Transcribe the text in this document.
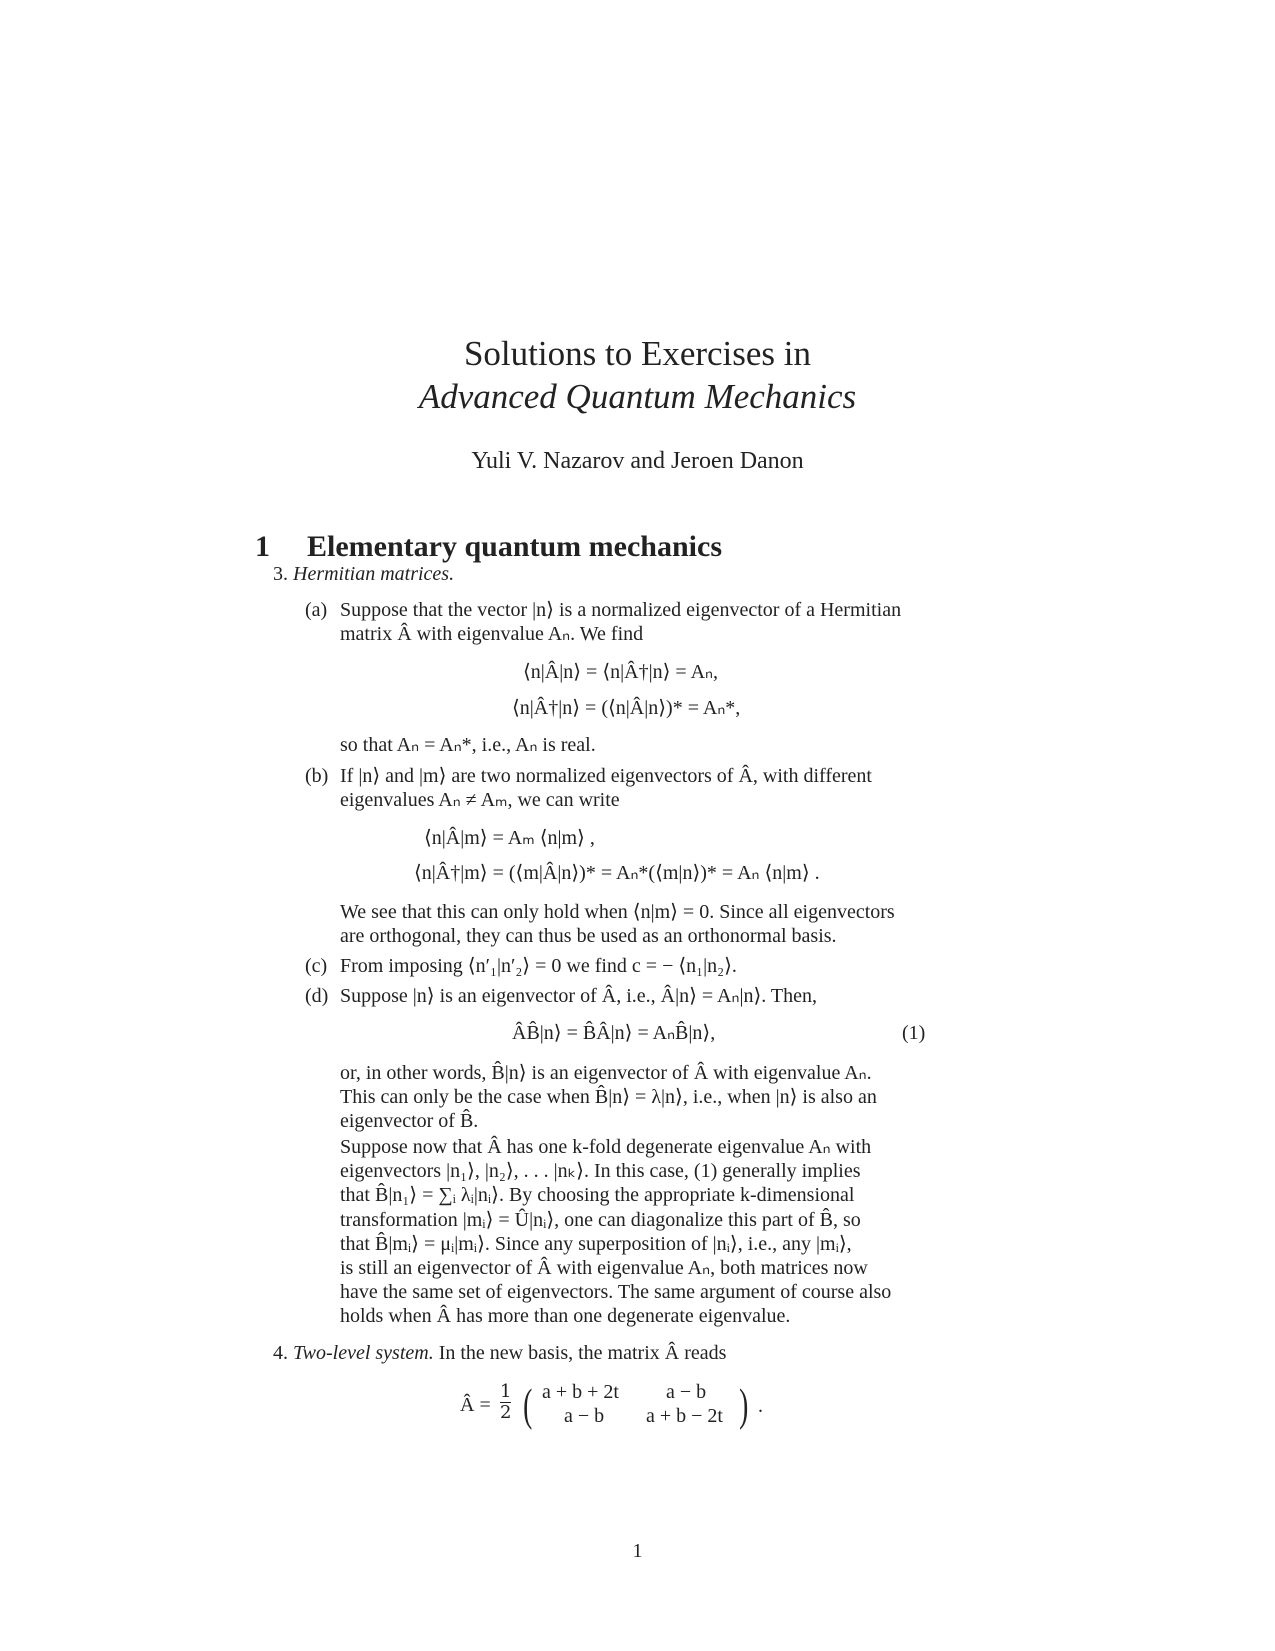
Solutions to Exercises in
Advanced Quantum Mechanics
Yuli V. Nazarov and Jeroen Danon
1 Elementary quantum mechanics
3. Hermitian matrices.
(a) Suppose that the vector |n⟩ is a normalized eigenvector of a Hermitian
matrix Â with eigenvalue Aₙ. We find
⟨n|Â|n⟩ = ⟨n|Â†|n⟩ = Aₙ,
⟨n|Â†|n⟩ = (⟨n|Â|n⟩)* = Aₙ*,
so that Aₙ = Aₙ*, i.e., Aₙ is real.
(b) If |n⟩ and |m⟩ are two normalized eigenvectors of Â, with different
eigenvalues Aₙ ≠ Aₘ, we can write
⟨n|Â|m⟩ = Aₘ ⟨n|m⟩ ,
⟨n|Â†|m⟩ = (⟨m|Â|n⟩)* = Aₙ*(⟨m|n⟩)* = Aₙ ⟨n|m⟩ .
We see that this can only hold when ⟨n|m⟩ = 0. Since all eigenvectors
are orthogonal, they can thus be used as an orthonormal basis.
(c) From imposing ⟨n′₁|n′₂⟩ = 0 we find c = − ⟨n₁|n₂⟩.
(d) Suppose |n⟩ is an eigenvector of Â, i.e., Â|n⟩ = Aₙ|n⟩. Then,
ÂB̂|n⟩ = B̂Â|n⟩ = AₙB̂|n⟩,	(1)
or, in other words, B̂|n⟩ is an eigenvector of Â with eigenvalue Aₙ.
This can only be the case when B̂|n⟩ = λ|n⟩, i.e., when |n⟩ is also an
eigenvector of B̂.
Suppose now that Â has one k-fold degenerate eigenvalue Aₙ with
eigenvectors |n₁⟩, |n₂⟩, . . . |nₖ⟩. In this case, (1) generally implies
that B̂|n₁⟩ = ∑ᵢ λᵢ|nᵢ⟩. By choosing the appropriate k-dimensional
transformation |mᵢ⟩ = Û|nᵢ⟩, one can diagonalize this part of B̂, so
that B̂|mᵢ⟩ = μᵢ|mᵢ⟩. Since any superposition of |nᵢ⟩, i.e., any |mᵢ⟩,
is still an eigenvector of Â with eigenvalue Aₙ, both matrices now
have the same set of eigenvectors. The same argument of course also
holds when Â has more than one degenerate eigenvalue.
4. Two-level system. In the new basis, the matrix Â reads
Â = $\frac{1}{2}$ ( a + b + 2t a − b
a − b a + b − 2t ) .
1
